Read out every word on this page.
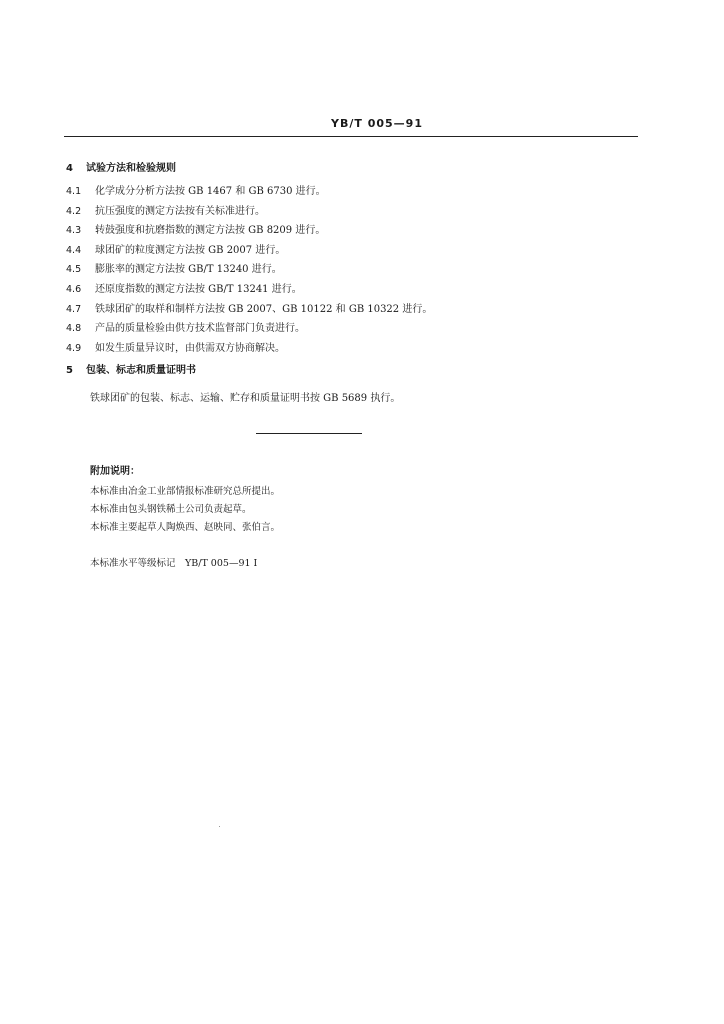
YB/T 005—91
4 试验方法和检验规则
4.1 化学成分分析方法按 GB 1467 和 GB 6730 进行。
4.2 抗压强度的测定方法按有关标准进行。
4.3 转鼓强度和抗磨指数的测定方法按 GB 8209 进行。
4.4 球团矿的粒度测定方法按 GB 2007 进行。
4.5 膨胀率的测定方法按 GB/T 13240 进行。
4.6 还原度指数的测定方法按 GB/T 13241 进行。
4.7 铁球团矿的取样和制样方法按 GB 2007、GB 10122 和 GB 10322 进行。
4.8 产品的质量检验由供方技术监督部门负责进行。
4.9 如发生质量异议时，由供需双方协商解决。
5 包装、标志和质量证明书
铁球团矿的包装、标志、运输、贮存和质量证明书按 GB 5689 执行。
附加说明：
本标准由冶金工业部情报标准研究总所提出。
本标准由包头钢铁稀土公司负责起草。
本标准主要起草人陶焕西、赵映同、张伯言。
本标准水平等级标记　YB/T 005—91 I
